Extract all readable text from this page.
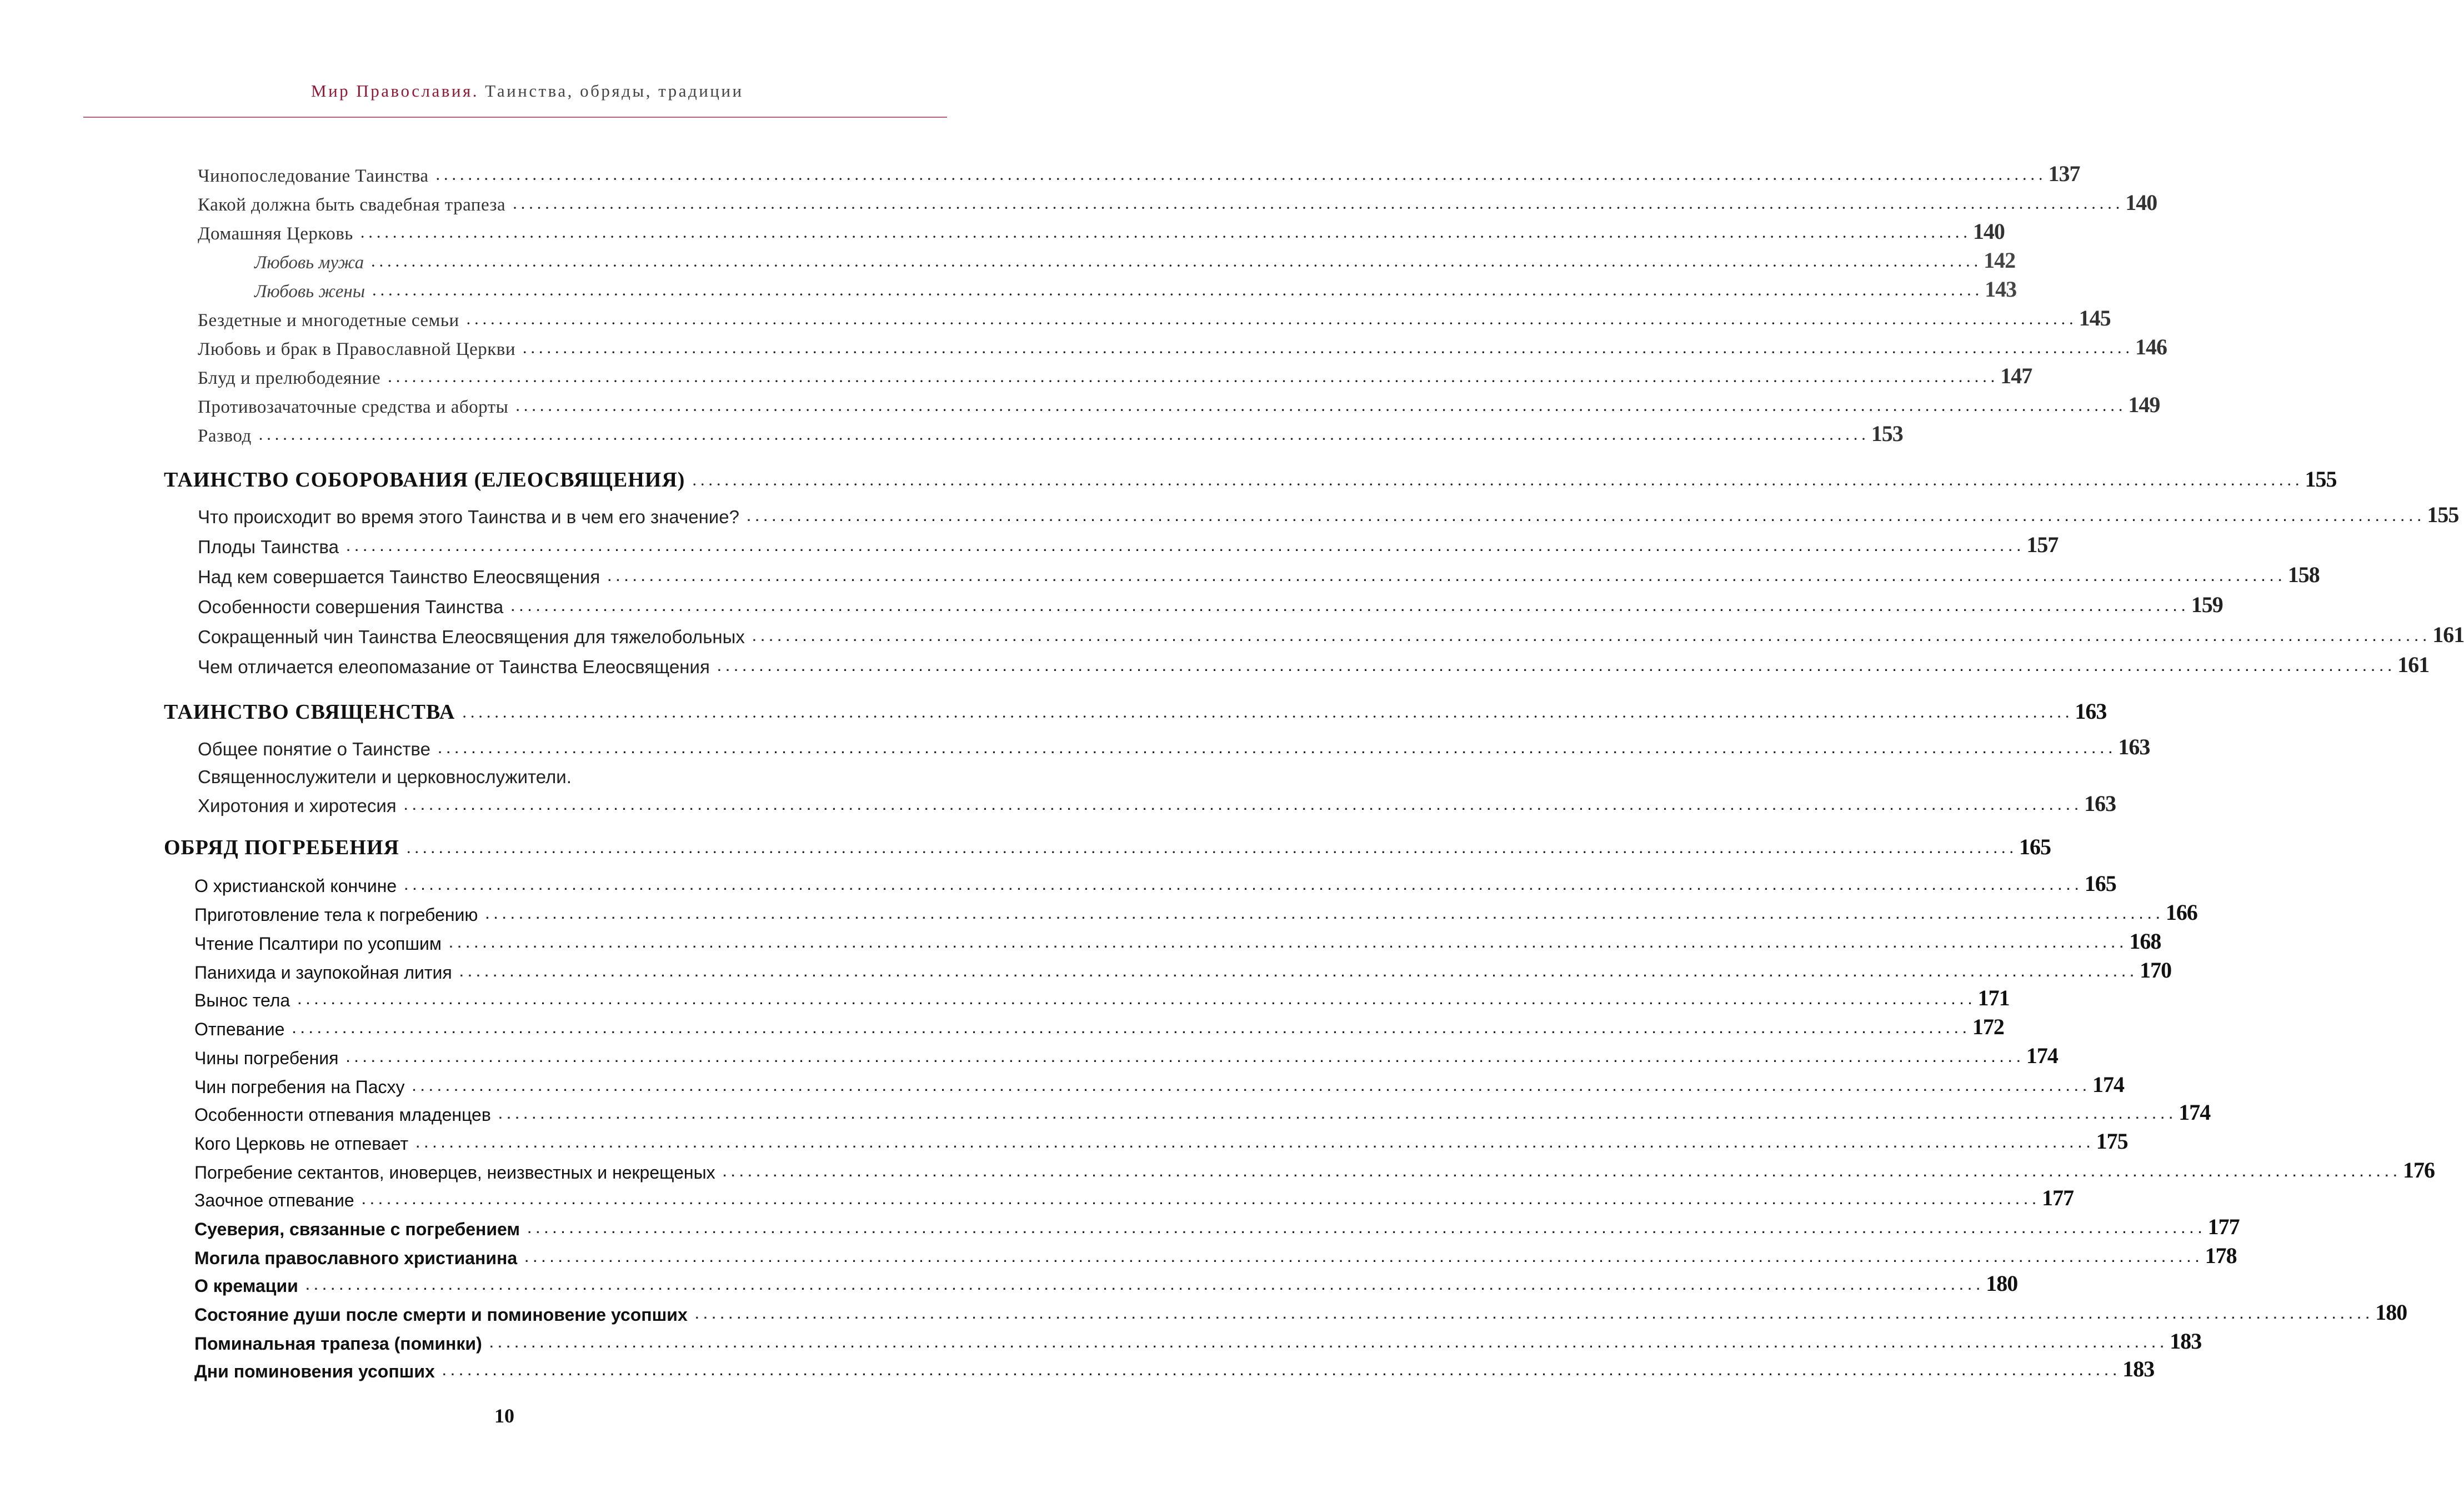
Мир Православия. Таинства, обряды, традиции
Чинопоследование Таинства ........................................................................................................................................................................................................ 137
Какой должна быть свадебная трапеза ........................................................................................................................................................................................................ 140
Домашняя Церковь ........................................................................................................................................................................................................ 140
Любовь мужа ........................................................................................................................................................................................................ 142
Любовь жены ........................................................................................................................................................................................................ 143
Бездетные и многодетные семьи ........................................................................................................................................................................................................ 145
Любовь и брак в Православной Церкви ........................................................................................................................................................................................................ 146
Блуд и прелюбодеяние ........................................................................................................................................................................................................ 147
Противозачаточные средства и аборты ........................................................................................................................................................................................................ 149
Развод ........................................................................................................................................................................................................ 153
ТАИНСТВО СОБОРОВАНИЯ (ЕЛЕОСВЯЩЕНИЯ) ........................................................................................................................................................................................................ 155
Что происходит во время этого Таинства и в чем его значение? ........................................................................................................................................................................................................ 155
Плоды Таинства ........................................................................................................................................................................................................ 157
Над кем совершается Таинство Елеосвящения ........................................................................................................................................................................................................ 158
Особенности совершения Таинства ........................................................................................................................................................................................................ 159
Сокращенный чин Таинства Елеосвящения для тяжелобольных ........................................................................................................................................................................................................ 161
Чем отличается елеопомазание от Таинства Елеосвящения ........................................................................................................................................................................................................ 161
ТАИНСТВО СВЯЩЕНСТВА ........................................................................................................................................................................................................ 163
Общее понятие о Таинстве ........................................................................................................................................................................................................ 163
Священнослужители и церковнослужители.
Хиротония и хиротесия ........................................................................................................................................................................................................ 163
ОБРЯД ПОГРЕБЕНИЯ ........................................................................................................................................................................................................ 165
О христианской кончине ........................................................................................................................................................................................................ 165
Приготовление тела к погребению ........................................................................................................................................................................................................ 166
Чтение Псалтири по усопшим ........................................................................................................................................................................................................ 168
Панихида и заупокойная лития ........................................................................................................................................................................................................ 170
Вынос тела ........................................................................................................................................................................................................ 171
Отпевание ........................................................................................................................................................................................................ 172
Чины погребения ........................................................................................................................................................................................................ 174
Чин погребения на Пасху ........................................................................................................................................................................................................ 174
Особенности отпевания младенцев ........................................................................................................................................................................................................ 174
Кого Церковь не отпевает ........................................................................................................................................................................................................ 175
Погребение сектантов, иноверцев, неизвестных и некрещеных ........................................................................................................................................................................................................ 176
Заочное отпевание ........................................................................................................................................................................................................ 177
Суеверия, связанные с погребением ........................................................................................................................................................................................................ 177
Могила православного христианина ........................................................................................................................................................................................................ 178
О кремации ........................................................................................................................................................................................................ 180
Состояние души после смерти и поминовение усопших ........................................................................................................................................................................................................ 180
Поминальная трапеза (поминки) ........................................................................................................................................................................................................ 183
Дни поминовения усопших ........................................................................................................................................................................................................ 183
10
